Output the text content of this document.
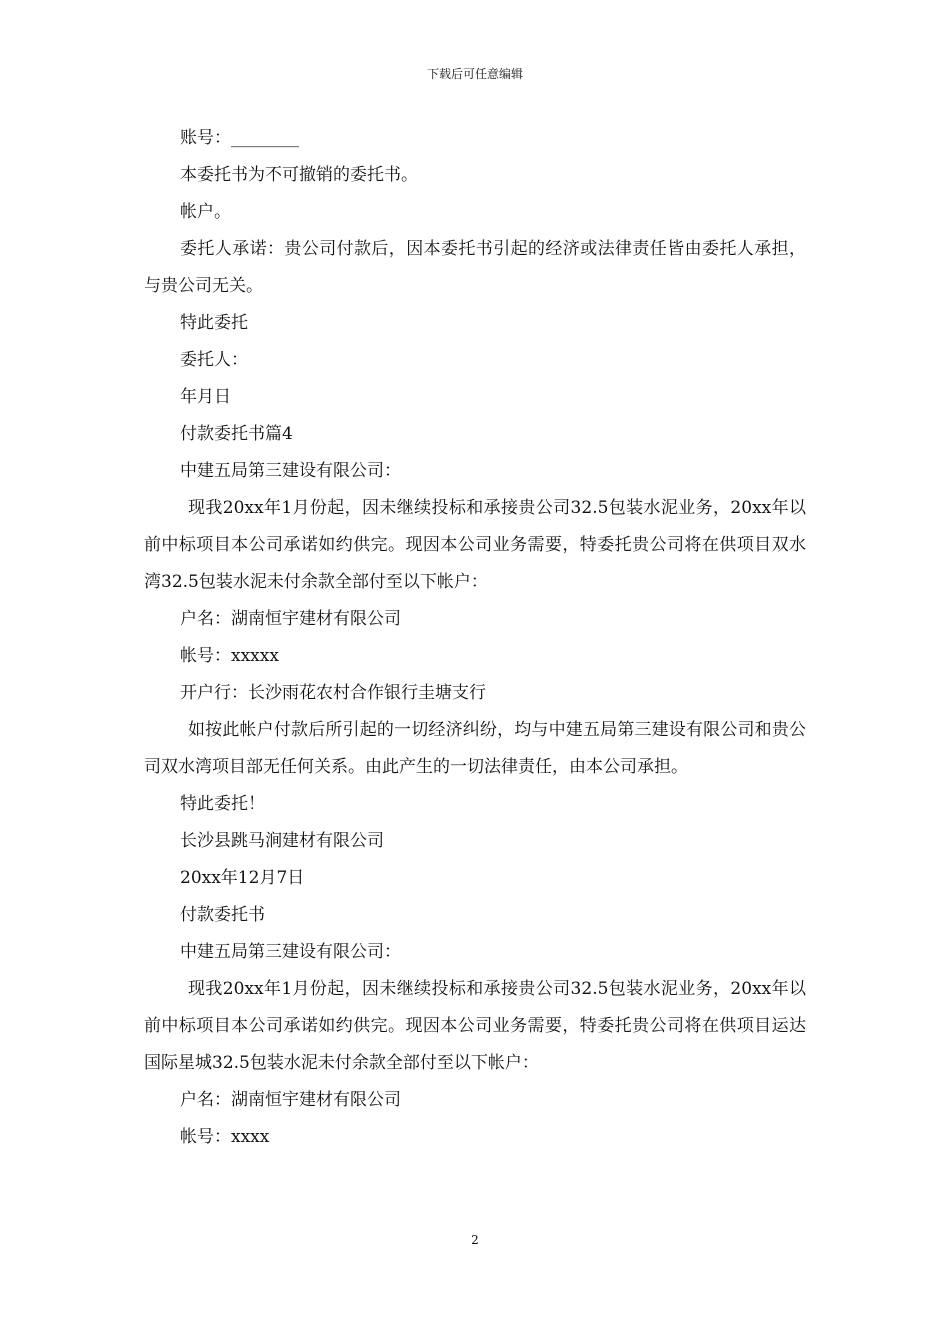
下载后可任意编辑

账号：________

本委托书为不可撤销的委托书。

帐户。

委托人承诺：贵公司付款后，因本委托书引起的经济或法律责任皆由委托人承担，与贵公司无关。

特此委托

委托人：

年月日

付款委托书篇4

中建五局第三建设有限公司：

现我20xx年1月份起，因未继续投标和承接贵公司32.5包装水泥业务，20xx年以前中标项目本公司承诺如约供完。现因本公司业务需要，特委托贵公司将在供项目双水湾32.5包装水泥未付余款全部付至以下帐户：

户名：湖南恒宇建材有限公司

帐号：xxxxx

开户行：长沙雨花农村合作银行圭塘支行

如按此帐户付款后所引起的一切经济纠纷，均与中建五局第三建设有限公司和贵公司双水湾项目部无任何关系。由此产生的一切法律责任，由本公司承担。

特此委托！

长沙县跳马涧建材有限公司

20xx年12月7日

付款委托书

中建五局第三建设有限公司：

现我20xx年1月份起，因未继续投标和承接贵公司32.5包装水泥业务，20xx年以前中标项目本公司承诺如约供完。现因本公司业务需要，特委托贵公司将在供项目运达国际星城32.5包装水泥未付余款全部付至以下帐户：

户名：湖南恒宇建材有限公司

帐号：xxxx

2
